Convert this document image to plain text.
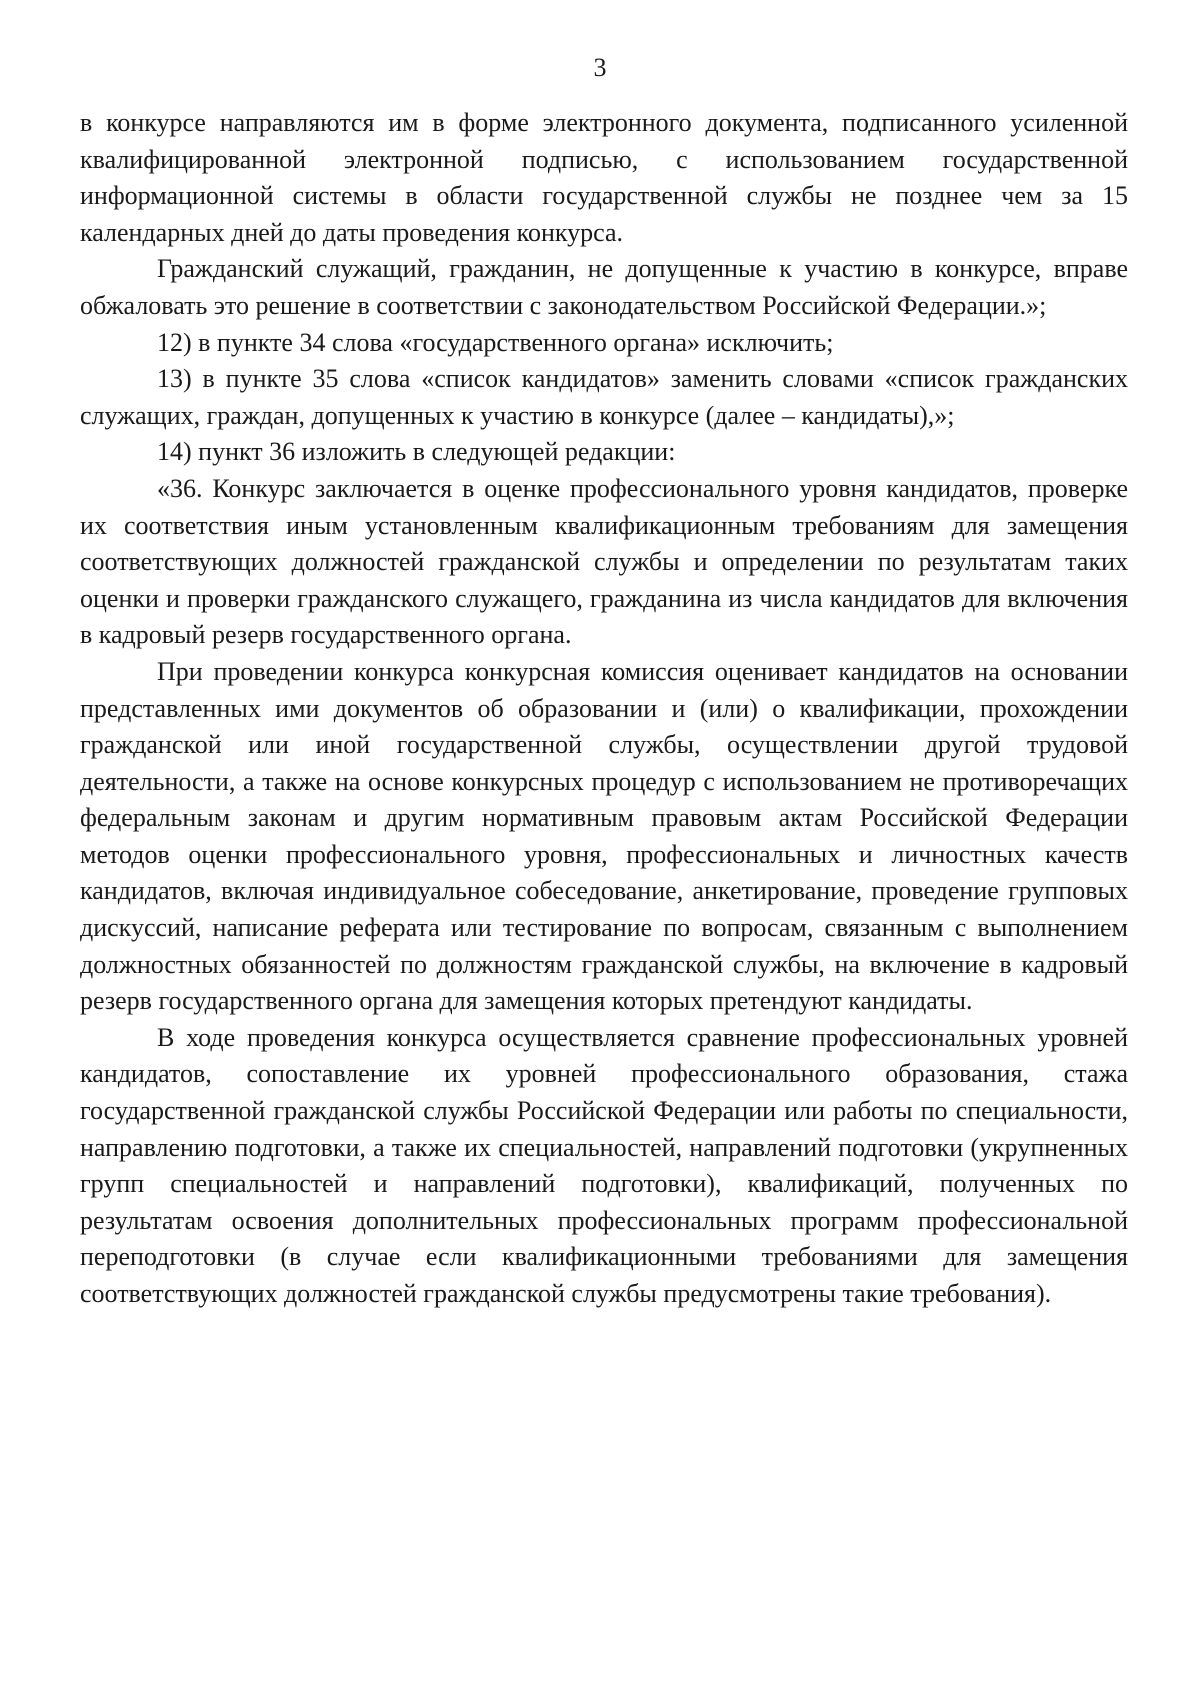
3

в конкурсе направляются им в форме электронного документа, подписанного усиленной квалифицированной электронной подписью, с использованием государственной информационной системы в области государственной службы не позднее чем за 15 календарных дней до даты проведения конкурса.

Гражданский служащий, гражданин, не допущенные к участию в конкурсе, вправе обжаловать это решение в соответствии с законодательством Российской Федерации.»;

12) в пункте 34 слова «государственного органа» исключить;

13) в пункте 35 слова «список кандидатов» заменить словами «список гражданских служащих, граждан, допущенных к участию в конкурсе (далее – кандидаты),»;

14) пункт 36 изложить в следующей редакции:

«36. Конкурс заключается в оценке профессионального уровня кандидатов, проверке их соответствия иным установленным квалификационным требованиям для замещения соответствующих должностей гражданской службы и определении по результатам таких оценки и проверки гражданского служащего, гражданина из числа кандидатов для включения в кадровый резерв государственного органа.

При проведении конкурса конкурсная комиссия оценивает кандидатов на основании представленных ими документов об образовании и (или) о квалификации, прохождении гражданской или иной государственной службы, осуществлении другой трудовой деятельности, а также на основе конкурсных процедур с использованием не противоречащих федеральным законам и другим нормативным правовым актам Российской Федерации методов оценки профессионального уровня, профессиональных и личностных качеств кандидатов, включая индивидуальное собеседование, анкетирование, проведение групповых дискуссий, написание реферата или тестирование по вопросам, связанным с выполнением должностных обязанностей по должностям гражданской службы, на включение в кадровый резерв государственного органа для замещения которых претендуют кандидаты.

В ходе проведения конкурса осуществляется сравнение профессиональных уровней кандидатов, сопоставление их уровней профессионального образования, стажа государственной гражданской службы Российской Федерации или работы по специальности, направлению подготовки, а также их специальностей, направлений подготовки (укрупненных групп специальностей и направлений подготовки), квалификаций, полученных по результатам освоения дополнительных профессиональных программ профессиональной переподготовки (в случае если квалификационными требованиями для замещения соответствующих должностей гражданской службы предусмотрены такие требования).
